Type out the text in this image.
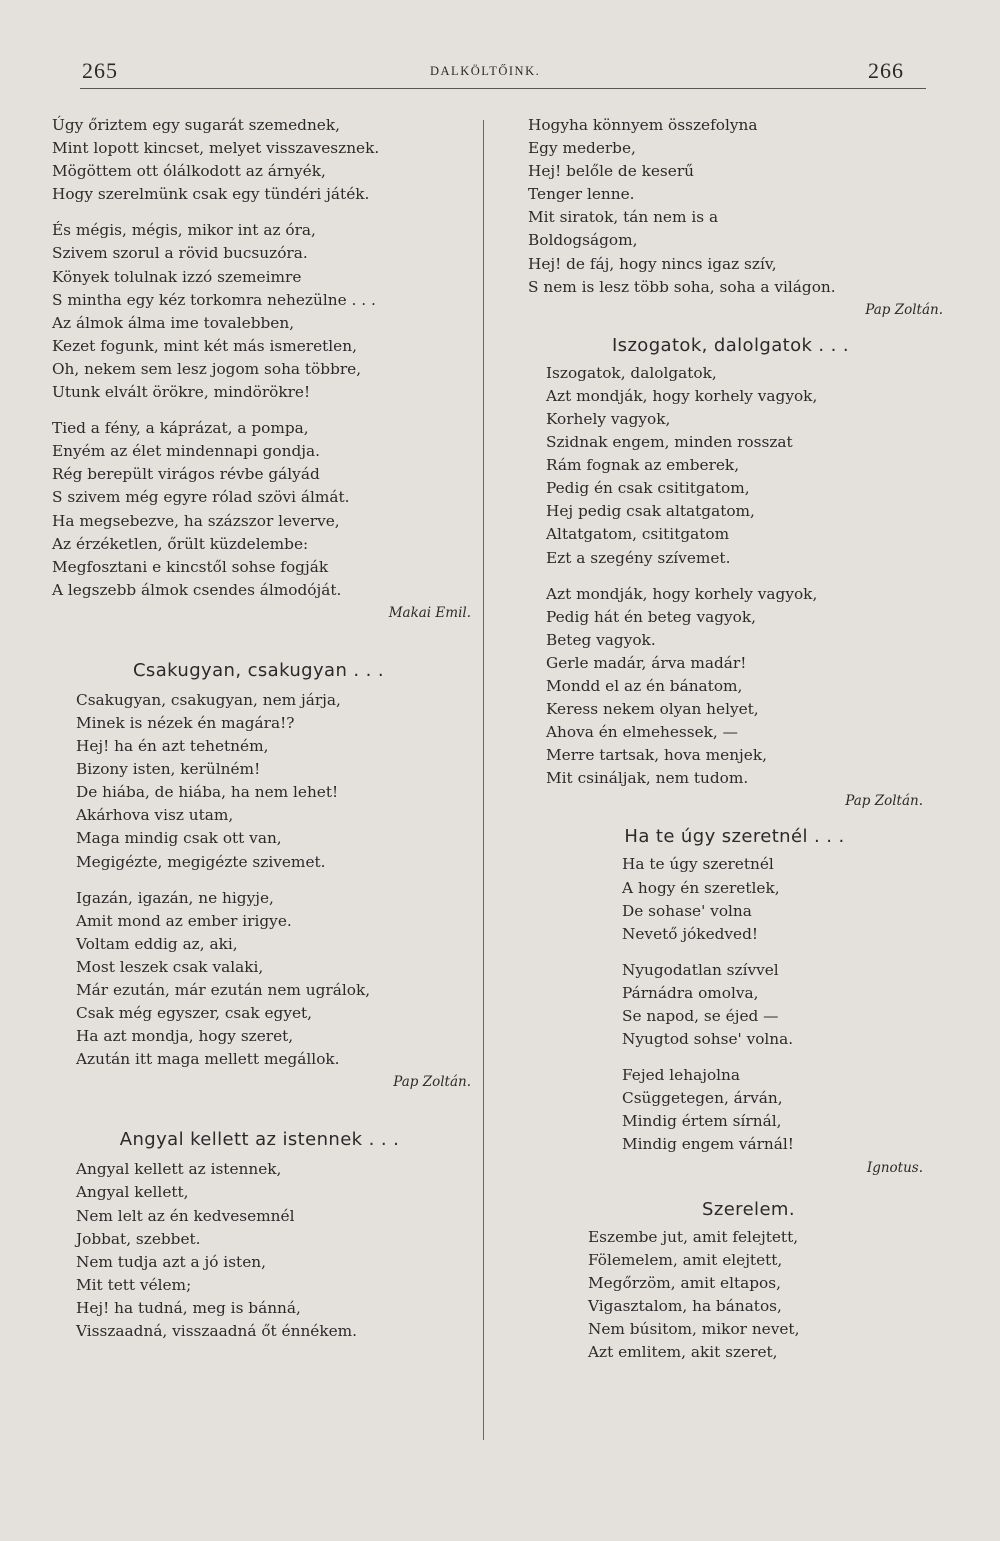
265	DALKÖLTŐINK.	266
Úgy őriztem egy sugarát szemednek,
Mint lopott kincset, melyet visszavesznek.
Mögöttem ott ólálkodott az árnyék,
Hogy szerelmünk csak egy tündéri játék.
És mégis, mégis, mikor int az óra,
Szivem szorul a rövid bucsuzóra.
Könyek tolulnak izzó szemeimre
S mintha egy kéz torkomra nehezülne . . .
Az álmok álma ime tovalebben,
Kezet fogunk, mint két más ismeretlen,
Oh, nekem sem lesz jogom soha többre,
Utunk elvált örökre, mindörökre!
Tied a fény, a káprázat, a pompa,
Enyém az élet mindennapi gondja.
Rég berepült virágos révbe gályád
S szivem még egyre rólad szövi álmát.
Ha megsebezve, ha százszor leverve,
Az érzéketlen, őrült küzdelembe:
Megfosztani e kincstől sohse fogják
A legszebb álmok csendes álmodóját.
Makai Emil.
Csakugyan, csakugyan . . .
Csakugyan, csakugyan, nem járja,
Minek is nézek én magára!?
Hej! ha én azt tehetném,
Bizony isten, kerülném!
De hiába, de hiába, ha nem lehet!
Akárhova visz utam,
Maga mindig csak ott van,
Megigézte, megigézte szivemet.
Igazán, igazán, ne higyje,
Amit mond az ember irigye.
Voltam eddig az, aki,
Most leszek csak valaki,
Már ezután, már ezután nem ugrálok,
Csak még egyszer, csak egyet,
Ha azt mondja, hogy szeret,
Azután itt maga mellett megállok.
Pap Zoltán.
Angyal kellett az istennek . . .
Angyal kellett az istennek,
Angyal kellett,
Nem lelt az én kedvesemnél
Jobbat, szebbet.
Nem tudja azt a jó isten,
Mit tett vélem;
Hej! ha tudná, meg is bánná,
Visszaadná, visszaadná őt énnékem.
Hogyha könnyem összefolyna
Egy mederbe,
Hej! belőle de keserű
Tenger lenne.
Mit siratok, tán nem is a
Boldogságom,
Hej! de fáj, hogy nincs igaz szív,
S nem is lesz több soha, soha a világon.
Pap Zoltán.
Iszogatok, dalolgatok . . .
Iszogatok, dalolgatok,
Azt mondják, hogy korhely vagyok,
Korhely vagyok,
Szidnak engem, minden rosszat
Rám fognak az emberek,
Pedig én csak csititgatom,
Hej pedig csak altatgatom,
Altatgatom, csititgatom
Ezt a szegény szívemet.
Azt mondják, hogy korhely vagyok,
Pedig hát én beteg vagyok,
Beteg vagyok.
Gerle madár, árva madár!
Mondd el az én bánatom,
Keress nekem olyan helyet,
Ahova én elmehessek, —
Merre tartsak, hova menjek,
Mit csináljak, nem tudom.
Pap Zoltán.
Ha te úgy szeretnél . . .
Ha te úgy szeretnél
A hogy én szeretlek,
De sohase' volna
Nevető jókedved!
Nyugodatlan szívvel
Párnádra omolva,
Se napod, se éjed —
Nyugtod sohse' volna.
Fejed lehajolna
Csüggetegen, árván,
Mindig értem sírnál,
Mindig engem várnál!
Ignotus.
Szerelem.
Eszembe jut, amit felejtett,
Fölemelem, amit elejtett,
Megőrzöm, amit eltapos,
Vigasztalom, ha bánatos,
Nem búsitom, mikor nevet,
Azt emlitem, akit szeret,
